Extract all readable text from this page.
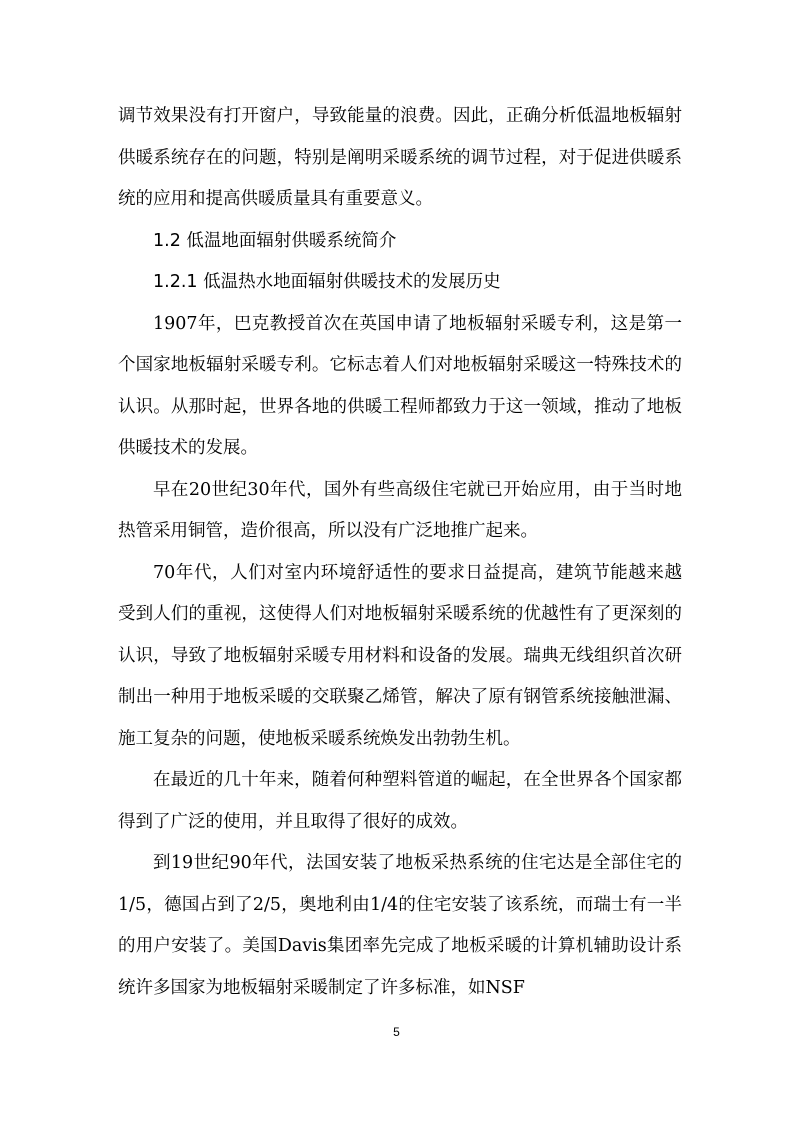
调节效果没有打开窗户，导致能量的浪费。因此，正确分析低温地板辐射供暖系统存在的问题，特别是阐明采暖系统的调节过程，对于促进供暖系统的应用和提高供暖质量具有重要意义。

1.2 低温地面辐射供暖系统简介

1.2.1 低温热水地面辐射供暖技术的发展历史

1907年，巴克教授首次在英国申请了地板辐射采暖专利，这是第一个国家地板辐射采暖专利。它标志着人们对地板辐射采暖这一特殊技术的认识。从那时起，世界各地的供暖工程师都致力于这一领域，推动了地板供暖技术的发展。

早在20世纪30年代，国外有些高级住宅就已开始应用，由于当时地热管采用铜管，造价很高，所以没有广泛地推广起来。

70年代，人们对室内环境舒适性的要求日益提高，建筑节能越来越受到人们的重视，这使得人们对地板辐射采暖系统的优越性有了更深刻的认识，导致了地板辐射采暖专用材料和设备的发展。瑞典无线组织首次研制出一种用于地板采暖的交联聚乙烯管，解决了原有钢管系统接触泄漏、施工复杂的问题，使地板采暖系统焕发出勃勃生机。

在最近的几十年来，随着何种塑料管道的崛起，在全世界各个国家都得到了广泛的使用，并且取得了很好的成效。

到19世纪90年代，法国安装了地板采热系统的住宅达是全部住宅的1/5，德国占到了2/5，奥地利由1/4的住宅安装了该系统，而瑞士有一半的用户安装了。美国Davis集团率先完成了地板采暖的计算机辅助设计系统许多国家为地板辐射采暖制定了许多标准，如NSF

5
